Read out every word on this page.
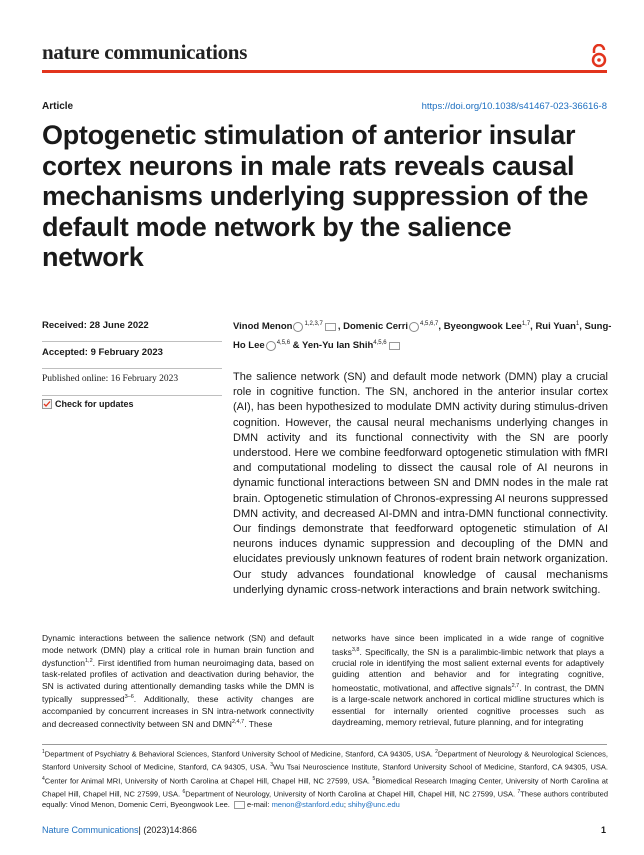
nature communications
Article	https://doi.org/10.1038/s41467-023-36616-8
Optogenetic stimulation of anterior insular cortex neurons in male rats reveals causal mechanisms underlying suppression of the default mode network by the salience network
Received: 28 June 2022
Accepted: 9 February 2023
Published online: 16 February 2023
Check for updates
Vinod Menon $^{1,2,3,7}$ , Domenic Cerri $^{4,5,6,7}$, Byeongwook Lee$^{1,7}$, Rui Yuan$^1$, Sung-Ho Lee $^{4,5,6}$ & Yen-Yu Ian Shih$^{4,5,6}$

The salience network (SN) and default mode network (DMN) play a crucial role in cognitive function. The SN, anchored in the anterior insular cortex (AI), has been hypothesized to modulate DMN activity during stimulus-driven cognition. However, the causal neural mechanisms underlying changes in DMN activity and its functional connectivity with the SN are poorly understood. Here we combine feedforward optogenetic stimulation with fMRI and computational modeling to dissect the causal role of AI neurons in dynamic functional interactions between SN and DMN nodes in the male rat brain. Optogenetic stimulation of Chronos-expressing AI neurons suppressed DMN activity, and decreased AI-DMN and intra-DMN functional connectivity. Our findings demonstrate that feedforward optogenetic stimulation of AI neurons induces dynamic suppression and decoupling of the DMN and elucidates previously unknown features of rodent brain network organization. Our study advances foundational knowledge of causal mechanisms underlying dynamic cross-network interactions and brain network switching.

Dynamic interactions between the salience network (SN) and default mode network (DMN) play a critical role in human brain function and dysfunction$^{1,2}$. First identified from human neuroimaging data, based on task-related profiles of activation and deactivation during behavior, the SN is activated during attentionally demanding tasks while the DMN is typically suppressed$^{3-6}$. Additionally, these activity changes are accompanied by concurrent increases in SN intra-network connectivity and decreased connectivity between SN and DMN$^{2,4,7}$. These

networks have since been implicated in a wide range of cognitive tasks$^{3,8}$. Specifically, the SN is a paralimbic-limbic network that plays a crucial role in identifying the most salient external events for adaptively guiding attention and behavior and for integrating cognitive, homeostatic, motivational, and affective signals$^{2,7}$. In contrast, the DMN is a large-scale network anchored in cortical midline structures which is essential for internally oriented cognitive processes such as daydreaming, memory retrieval, future planning, and for integrating

$^1$Department of Psychiatry & Behavioral Sciences, Stanford University School of Medicine, Stanford, CA 94305, USA. $^2$Department of Neurology & Neurological Sciences, Stanford University School of Medicine, Stanford, CA 94305, USA. $^3$Wu Tsai Neuroscience Institute, Stanford University School of Medicine, Stanford, CA 94305, USA. $^4$Center for Animal MRI, University of North Carolina at Chapel Hill, Chapel Hill, NC 27599, USA. $^5$Biomedical Research Imaging Center, University of North Carolina at Chapel Hill, Chapel Hill, NC 27599, USA. $^6$Department of Neurology, University of North Carolina at Chapel Hill, Chapel Hill, NC 27599, USA. $^7$These authors contributed equally: Vinod Menon, Domenic Cerri, Byeongwook Lee. e-mail: menon@stanford.edu; shihy@unc.edu

Nature Communications| (2023)14:866	1
